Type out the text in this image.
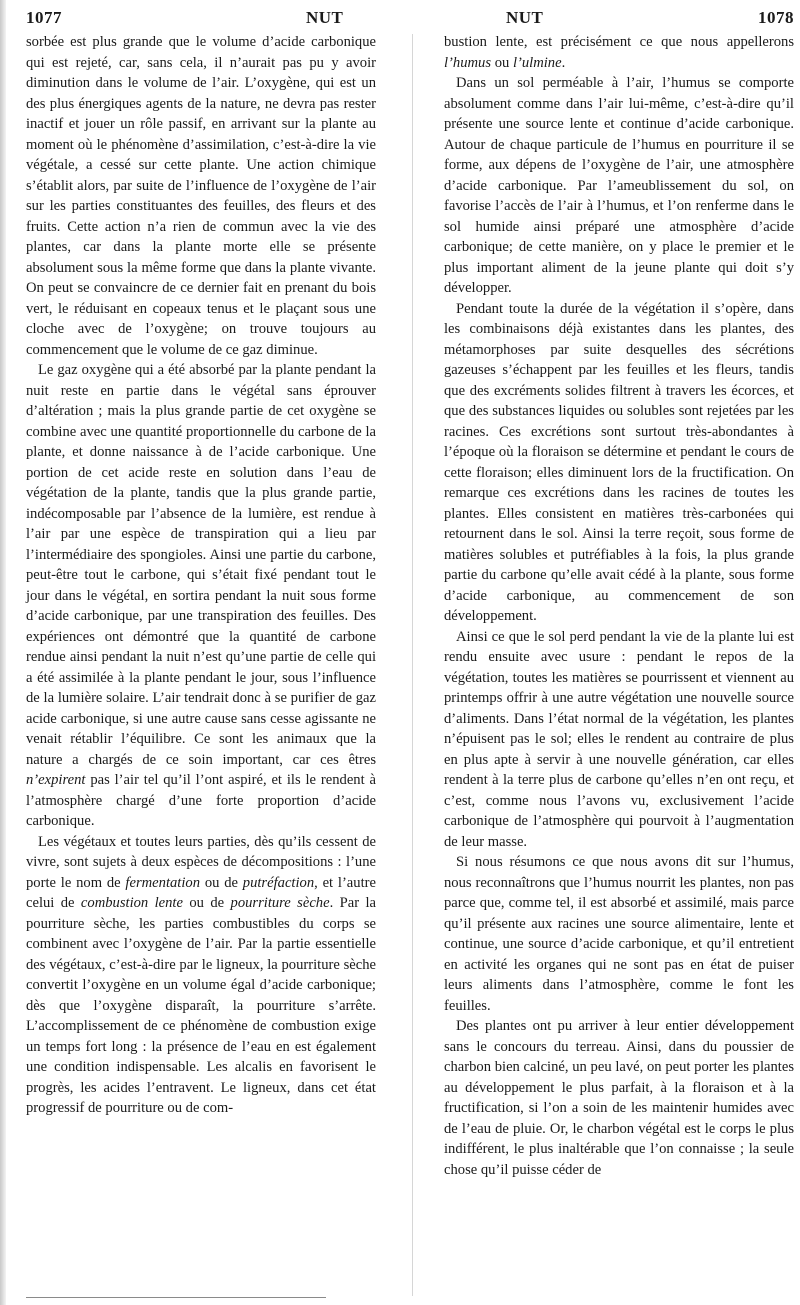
1077	NUT	NUT	1078

sorbée est plus grande que le volume d’acide carbonique qui est rejeté, car, sans cela, il n’aurait pas pu y avoir diminution dans le volume de l’air. L’oxygène, qui est un des plus énergiques agents de la nature, ne devra pas rester inactif et jouer un rôle passif, en arrivant sur la plante au moment où le phénomène d’assimilation, c’est-à-dire la vie végétale, a cessé sur cette plante. Une action chimique s’établit alors, par suite de l’influence de l’oxygène de l’air sur les parties constituantes des feuilles, des fleurs et des fruits. Cette action n’a rien de commun avec la vie des plantes, car dans la plante morte elle se présente absolument sous la même forme que dans la plante vivante. On peut se convaincre de ce dernier fait en prenant du bois vert, le réduisant en copeaux tenus et le plaçant sous une cloche avec de l’oxygène; on trouve toujours au commencement que le volume de ce gaz diminue.

Le gaz oxygène qui a été absorbé par la plante pendant la nuit reste en partie dans le végétal sans éprouver d’altération ; mais la plus grande partie de cet oxygène se combine avec une quantité proportionnelle du carbone de la plante, et donne naissance à de l’acide carbonique. Une portion de cet acide reste en solution dans l’eau de végétation de la plante, tandis que la plus grande partie, indécomposable par l’absence de la lumière, est rendue à l’air par une espèce de transpiration qui a lieu par l’intermédiaire des spongioles. Ainsi une partie du carbone, peut-être tout le carbone, qui s’était fixé pendant tout le jour dans le végétal, en sortira pendant la nuit sous forme d’acide carbonique, par une transpiration des feuilles. Des expériences ont démontré que la quantité de carbone rendue ainsi pendant la nuit n’est qu’une partie de celle qui a été assimilée à la plante pendant le jour, sous l’influence de la lumière solaire. L’air tendrait donc à se purifier de gaz acide carbonique, si une autre cause sans cesse agissante ne venait rétablir l’équilibre. Ce sont les animaux que la nature a chargés de ce soin important, car ces êtres n’expirent pas l’air tel qu’il l’ont aspiré, et ils le rendent à l’atmosphère chargé d’une forte proportion d’acide carbonique.

Les végétaux et toutes leurs parties, dès qu’ils cessent de vivre, sont sujets à deux espèces de décompositions : l’une porte le nom de fermentation ou de putréfaction, et l’autre celui de combustion lente ou de pourriture sèche. Par la pourriture sèche, les parties combustibles du corps se combinent avec l’oxygène de l’air. Par la partie essentielle des végétaux, c’est-à-dire par le ligneux, la pourriture sèche convertit l’oxygène en un volume égal d’acide carbonique; dès que l’oxygène disparaît, la pourriture s’arrête. L’accomplissement de ce phénomène de combustion exige un temps fort long : la présence de l’eau en est également une condition indispensable. Les alcalis en favorisent le progrès, les acides l’entravent. Le ligneux, dans cet état progressif de pourriture ou de com-

bustion lente, est précisément ce que nous appellerons l’humus ou l’ulmine.

Dans un sol perméable à l’air, l’humus se comporte absolument comme dans l’air lui-même, c’est-à-dire qu’il présente une source lente et continue d’acide carbonique. Autour de chaque particule de l’humus en pourriture il se forme, aux dépens de l’oxygène de l’air, une atmosphère d’acide carbonique. Par l’ameublissement du sol, on favorise l’accès de l’air à l’humus, et l’on renferme dans le sol humide ainsi préparé une atmosphère d’acide carbonique; de cette manière, on y place le premier et le plus important aliment de la jeune plante qui doit s’y développer.

Pendant toute la durée de la végétation il s’opère, dans les combinaisons déjà existantes dans les plantes, des métamorphoses par suite desquelles des sécrétions gazeuses s’échappent par les feuilles et les fleurs, tandis que des excréments solides filtrent à travers les écorces, et que des substances liquides ou solubles sont rejetées par les racines. Ces excrétions sont surtout très-abondantes à l’époque où la floraison se détermine et pendant le cours de cette floraison; elles diminuent lors de la fructification. On remarque ces excrétions dans les racines de toutes les plantes. Elles consistent en matières très-carbonées qui retournent dans le sol. Ainsi la terre reçoit, sous forme de matières solubles et putréfiables à la fois, la plus grande partie du carbone qu’elle avait cédé à la plante, sous forme d’acide carbonique, au commencement de son développement.

Ainsi ce que le sol perd pendant la vie de la plante lui est rendu ensuite avec usure : pendant le repos de la végétation, toutes les matières se pourrissent et viennent au printemps offrir à une autre végétation une nouvelle source d’aliments. Dans l’état normal de la végétation, les plantes n’épuisent pas le sol; elles le rendent au contraire de plus en plus apte à servir à une nouvelle génération, car elles rendent à la terre plus de carbone qu’elles n’en ont reçu, et c’est, comme nous l’avons vu, exclusivement l’acide carbonique de l’atmosphère qui pourvoit à l’augmentation de leur masse.

Si nous résumons ce que nous avons dit sur l’humus, nous reconnaîtrons que l’humus nourrit les plantes, non pas parce que, comme tel, il est absorbé et assimilé, mais parce qu’il présente aux racines une source alimentaire, lente et continue, une source d’acide carbonique, et qu’il entretient en activité les organes qui ne sont pas en état de puiser leurs aliments dans l’atmosphère, comme le font les feuilles.

Des plantes ont pu arriver à leur entier développement sans le concours du terreau. Ainsi, dans du poussier de charbon bien calciné, un peu lavé, on peut porter les plantes au développement le plus parfait, à la floraison et à la fructification, si l’on a soin de les maintenir humides avec de l’eau de pluie. Or, le charbon végétal est le corps le plus indifférent, le plus inaltérable que l’on connaisse ; la seule chose qu’il puisse céder de
